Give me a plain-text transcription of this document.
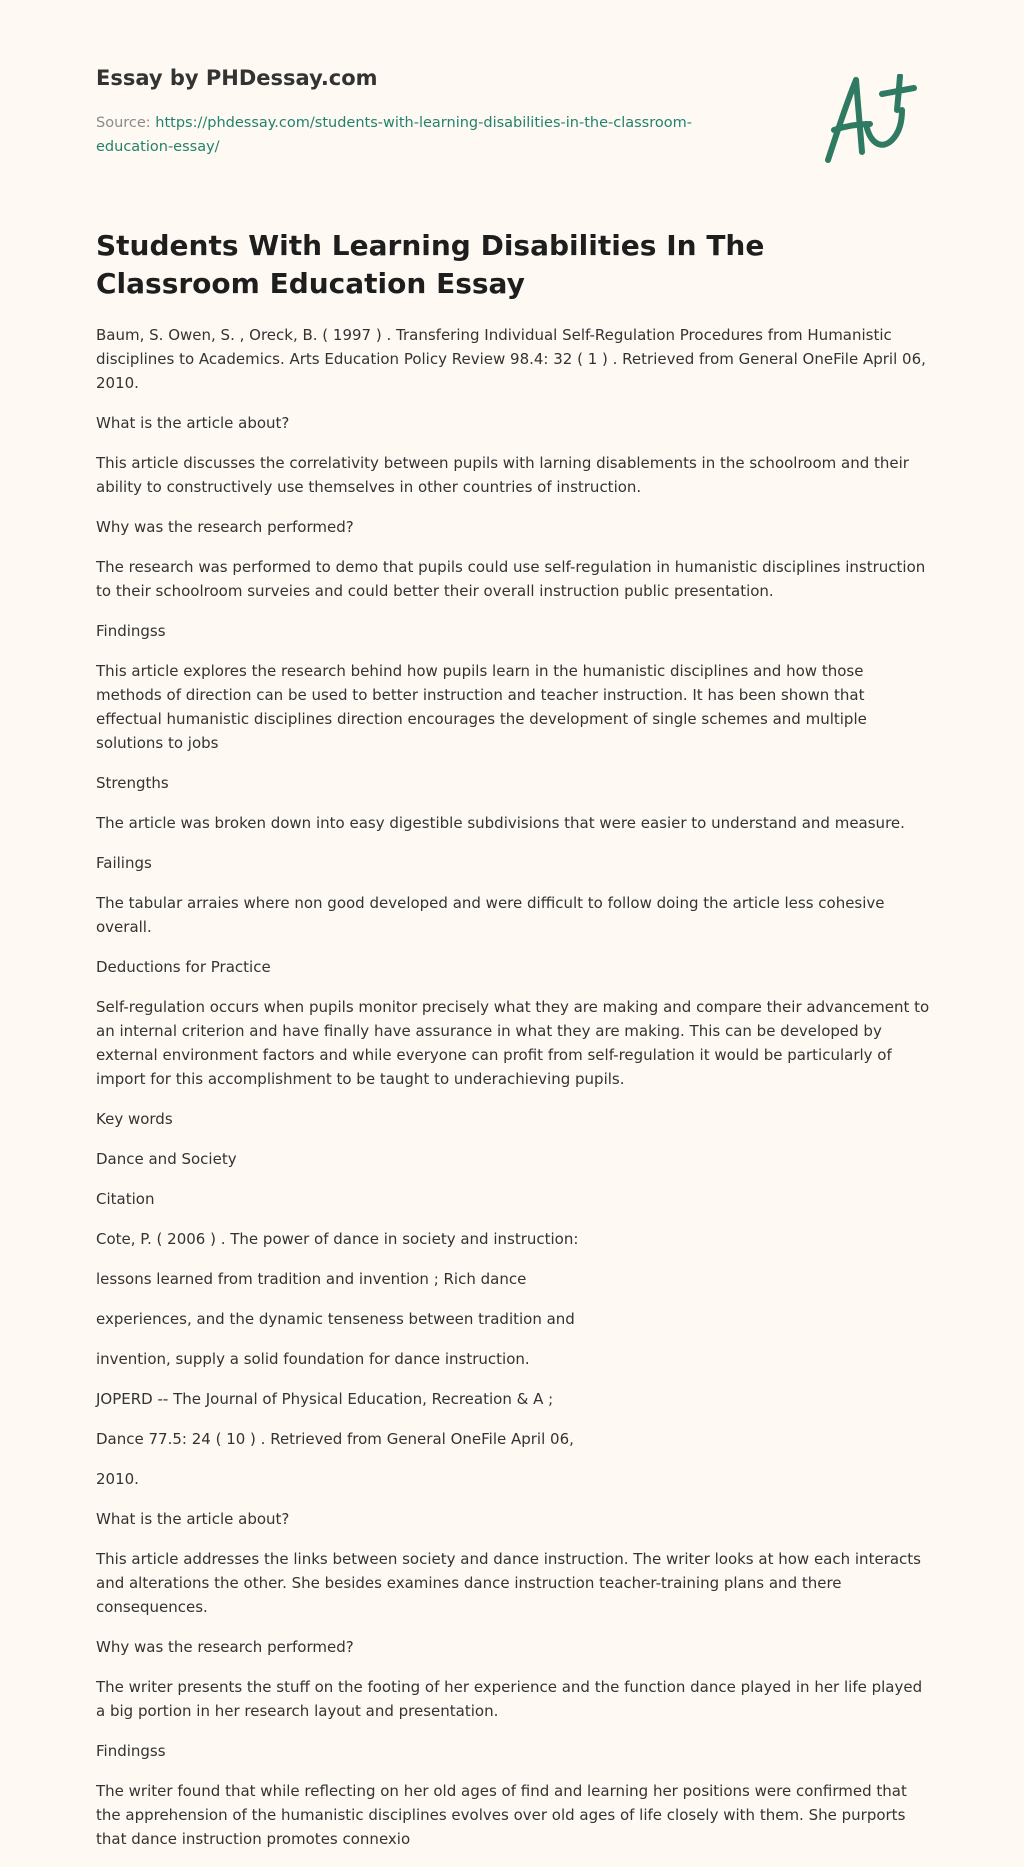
Essay by PHDessay.com
Source: https://phdessay.com/students-with-learning-disabilities-in-the-classroom-education-essay/
Students With Learning Disabilities In The Classroom Education Essay

Baum, S. Owen, S. , Oreck, B. ( 1997 ) . Transfering Individual Self-Regulation Procedures from Humanistic disciplines to Academics. Arts Education Policy Review 98.4: 32 ( 1 ) . Retrieved from General OneFile April 06, 2010.

What is the article about?

This article discusses the correlativity between pupils with larning disablements in the schoolroom and their ability to constructively use themselves in other countries of instruction.

Why was the research performed?

The research was performed to demo that pupils could use self-regulation in humanistic disciplines instruction to their schoolroom surveies and could better their overall instruction public presentation.

Findingss

This article explores the research behind how pupils learn in the humanistic disciplines and how those methods of direction can be used to better instruction and teacher instruction. It has been shown that effectual humanistic disciplines direction encourages the development of single schemes and multiple solutions to jobs

Strengths

The article was broken down into easy digestible subdivisions that were easier to understand and measure.

Failings

The tabular arraies where non good developed and were difficult to follow doing the article less cohesive overall.

Deductions for Practice

Self-regulation occurs when pupils monitor precisely what they are making and compare their advancement to an internal criterion and have finally have assurance in what they are making. This can be developed by external environment factors and while everyone can profit from self-regulation it would be particularly of import for this accomplishment to be taught to underachieving pupils.

Key words

Dance and Society

Citation

Cote, P. ( 2006 ) . The power of dance in society and instruction:

lessons learned from tradition and invention ; Rich dance

experiences, and the dynamic tenseness between tradition and

invention, supply a solid foundation for dance instruction.

JOPERD -- The Journal of Physical Education, Recreation & A ;

Dance 77.5: 24 ( 10 ) . Retrieved from General OneFile April 06,

2010.

What is the article about?

This article addresses the links between society and dance instruction. The writer looks at how each interacts and alterations the other. She besides examines dance instruction teacher-training plans and there consequences.

Why was the research performed?

The writer presents the stuff on the footing of her experience and the function dance played in her life played a big portion in her research layout and presentation.

Findingss

The writer found that while reflecting on her old ages of find and learning her positions were confirmed that the apprehension of the humanistic disciplines evolves over old ages of life closely with them. She purports that dance instruction promotes connexio
